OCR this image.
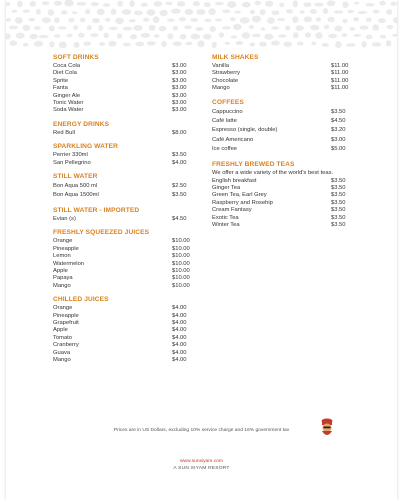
SOFT DRINKS
Coca Cola	$3.00
Diet Cola	$3.00
Sprite	$3.00
Fanta	$3.00
Ginger Ale	$3.00
Tonic Water	$3.00
Soda Water	$3.00
ENERGY DRINKS
Red Bull	$8.00
SPARKLING WATER
Perrier 330ml	$3.50
San Pellegrino	$4.00
STILL WATER
Bon Aqua 500 ml	$2.50
Bon Aqua 1500ml	$3.50
STILL WATER - IMPORTED
Evian (s)	$4.50
FRESHLY SQUEEZED JUICES
Orange	$10.00
Pineapple	$10.00
Lemon	$10.00
Watermelon	$10.00
Apple	$10.00
Papaya	$10.00
Mango	$10.00
CHILLED JUICES
Orange	$4.00
Pineapple	$4.00
Grapefruit	$4.00
Apple	$4.00
Tomato	$4.00
Cranberry	$4.00
Guava	$4.00
Mango	$4.00
MILK SHAKES
Vanilla	$11.00
Strawberry	$11.00
Chocolate	$11.00
Mango	$11.00
COFFEES
Cappuccino	$3.50
Café latte	$4.50
Espresso (single, double)	$3.20
Café Americano	$3.00
Ice coffee	$5.00
FRESHLY BREWED TEAS
We offer a wide variety of the world's best teas.
English breakfast	$3.50
Ginger Tea	$3.50
Green Tea, Earl Grey	$3.50
Raspberry and Rosehip	$3.50
Cream Fantasy	$3.50
Exotic Tea	$3.50
Winter Tea	$3.50
Prices are in US Dollars, excluding 10% service charge and 16% government tax
www.sunsiyam.com
A SUN SIYAM RESORT
